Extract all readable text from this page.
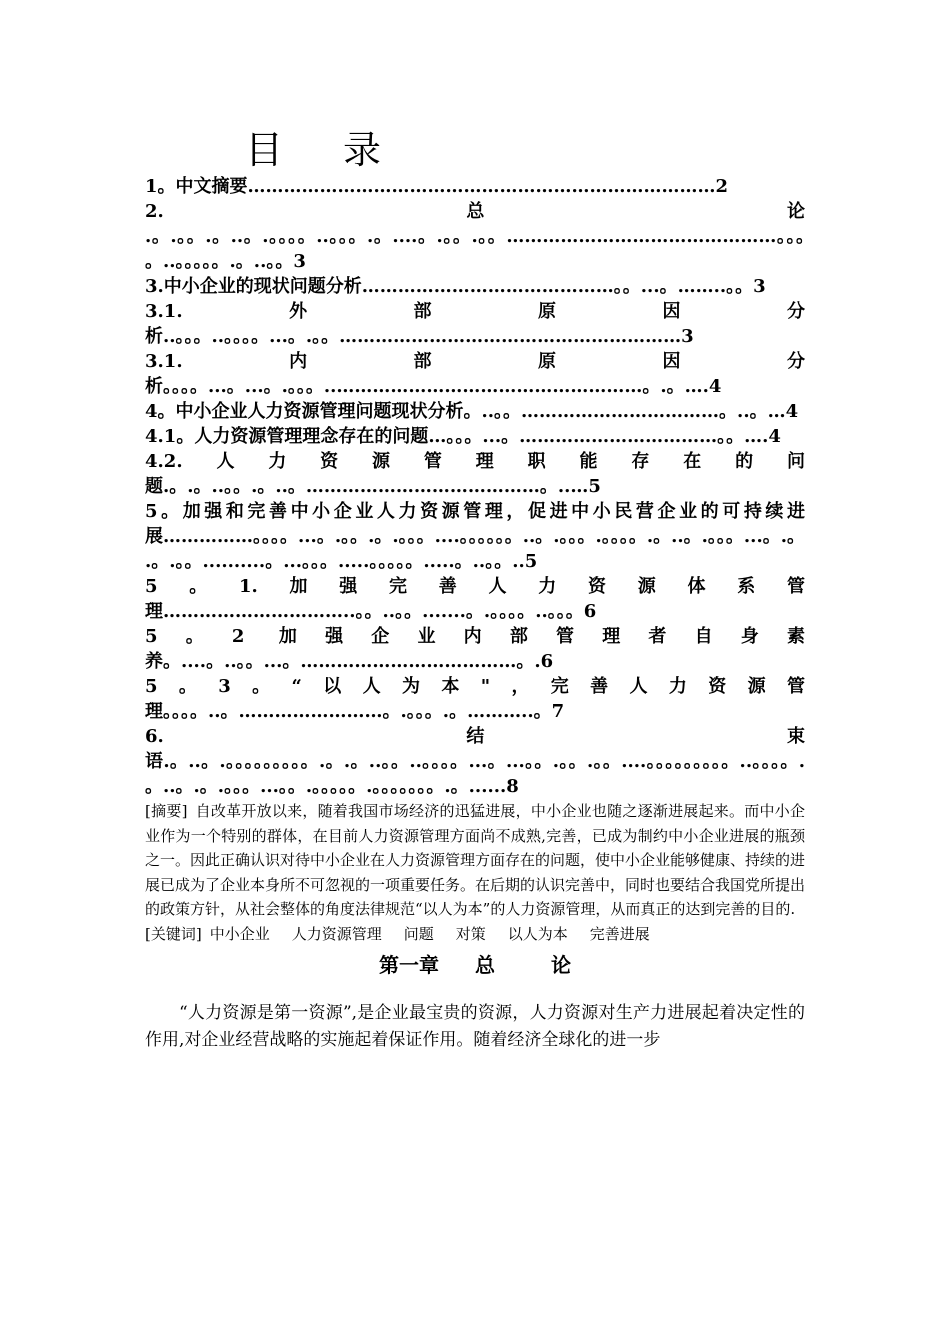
目 录
1。中文摘要……………………………………………………………………2
2.总论 .。.。。.。..。.。。。。..。。。.。....。.。。.。。………………………………………。。。。..。。。。。.。..。。3
3.中小企业的现状问题分析……………………………………。。...。……..。。3
3.1.外部原因分析..。。。..。。。。...。.。。…………………………………………………3
3.1.内部原因分析。。。。...。...。.。。。..……………………………………………。.。….4
4。中小企业人力资源管理问题现状分析。..。。……………………………。..。…4
4.1。人力资源管理理念存在的问题…。。。...。……………………………。。….4
4.2.人力资源管理职能存在的问题.。.。..。。.。..。…………………………………。..…5
5。加强和完善中小企业人力资源管理，促进中小民营企业的可持续进展……………。。。。...。.。。.。.。。。....。。。。。。..。.。。。.。。。。.。..。.。。。...。.。.。.。。..........。...。。。.....。。。。。.....。..。。..5
5。1.加强完善人力资源体系管理…………………………..。。..。。.......。.。。。。..。。。6
5。2 加强企业内部管理者自身素养。....。..。。...。………………………………。.6
5。3。“以人为本"，完善人力资源管理。。。。..。……………………。.。。。.。………..。7
6.结束语.。..。.。。。。。。。。。.。.。..。。..。。。。...。...。。.。。.。。....。。。。。。。。。..。。。。.。..。.。.。。。...。。.。。。。。.。。。。。。。.。......8

[摘要] 自改革开放以来，随着我国市场经济的迅猛进展，中小企业也随之逐渐进展起来。而中小企业作为一个特别的群体，在目前人力资源管理方面尚不成熟,完善，已成为制约中小企业进展的瓶颈之一。因此正确认识对待中小企业在人力资源管理方面存在的问题，使中小企业能够健康、持续的进展已成为了企业本身所不可忽视的一项重要任务。在后期的认识完善中，同时也要结合我国党所提出的政策方针，从社会整体的角度法律规范“以人为本”的人力资源管理，从而真正的达到完善的目的.

[关键词] 中小企业 人力资源管理 问题 对策 以人为本 完善进展

第一章 总	论

“人力资源是第一资源”,是企业最宝贵的资源，人力资源对生产力进展起着决定性的作用,对企业经营战略的实施起着保证作用。随着经济全球化的进一步
